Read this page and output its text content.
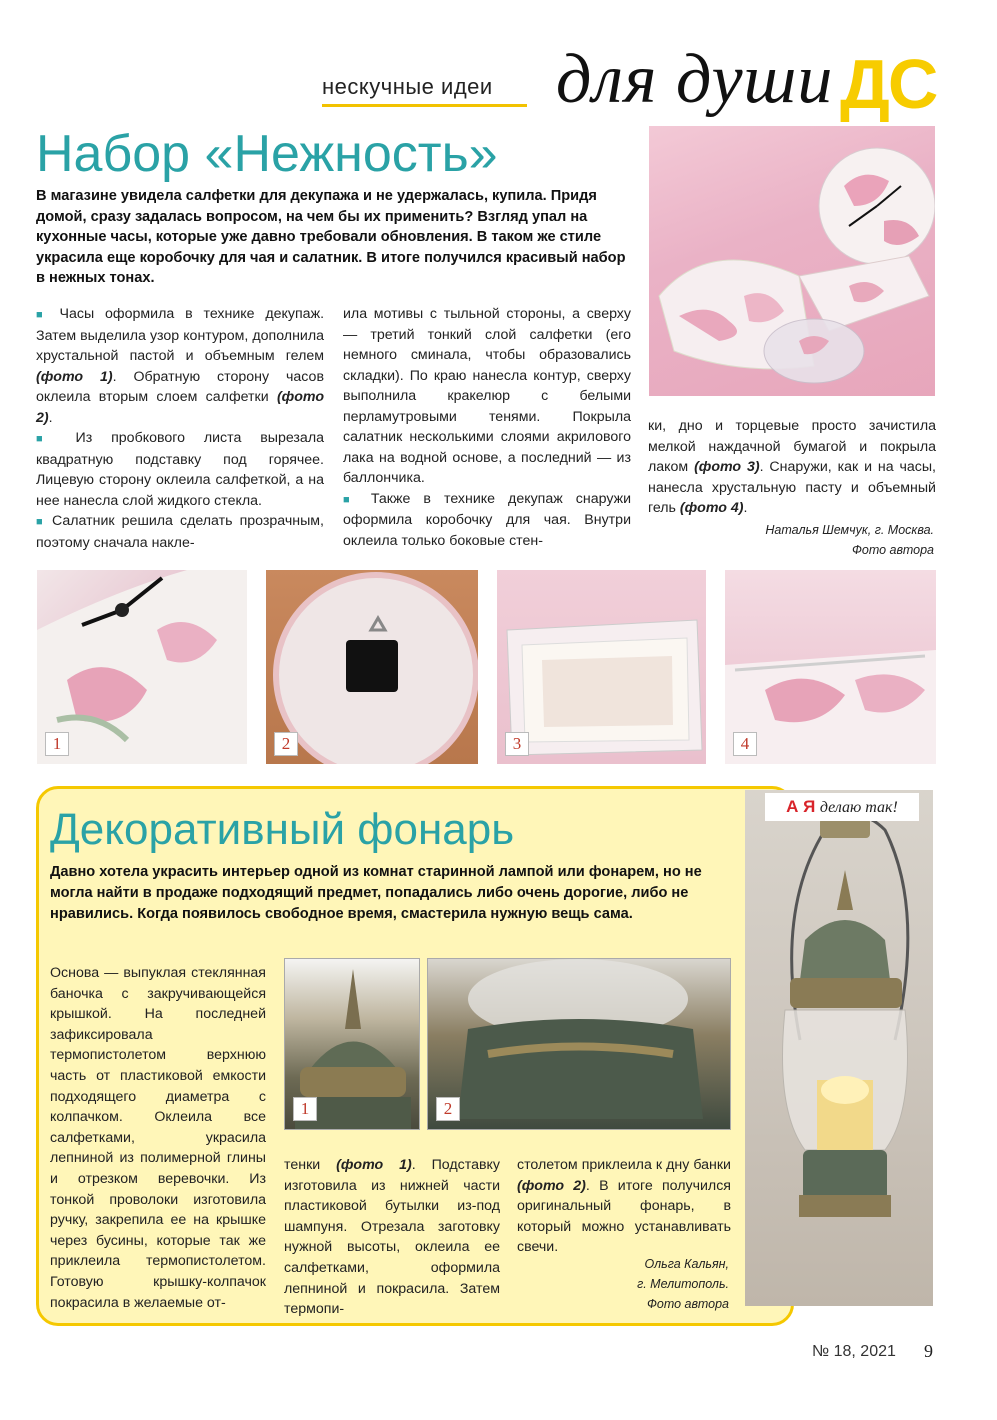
нескучные идеи для души ДС
Набор «Нежность»

В магазине увидела салфетки для декупажа и не удержалась, купила. Придя домой, сразу задалась вопросом, на чем бы их применить? Взгляд упал на кухонные часы, которые уже давно требовали обновления. В таком же стиле украсила еще коробочку для чая и салатник. В итоге получился красивый набор в нежных тонах.

■ Часы оформила в технике декупаж. Затем выделила узор контуром, дополнила хрустальной пастой и объемным гелем (фото 1). Обратную сторону часов оклеила вторым слоем салфетки (фото 2).
■ Из пробкового листа вырезала квадратную подставку под горячее. Лицевую сторону оклеила салфеткой, а на нее нанесла слой жидкого стекла.
■ Салатник решила сделать прозрачным, поэтому сначала накле-
ила мотивы с тыльной стороны, а сверху — третий тонкий слой салфетки (его немного сминала, чтобы образовались складки). По краю нанесла контур, сверху выполнила кракелюр с белыми перламутровыми тенями. Покрыла салатник несколькими слоями акрилового лака на водной основе, а последний — из баллончика.
■ Также в технике декупаж снаружи оформила коробочку для чая. Внутри оклеила только боковые стен-
ки, дно и торцевые просто зачистила мелкой наждачной бумагой и покрыла лаком (фото 3). Снаружи, как и на часы, нанесла хрустальную пасту и объемный гель (фото 4).
Наталья Шемчук, г. Москва.
Фото автора
1	2	3	4
А Я делаю так!
Декоративный фонарь

Давно хотела украсить интерьер одной из комнат старинной лампой или фонарем, но не могла найти в продаже подходящий предмет, попадались либо очень дорогие, либо не нравились. Когда появилось свободное время, смастерила нужную вещь сама.

Основа — выпуклая стеклянная баночка с закручивающейся крышкой. На последней зафиксировала термопистолетом верхнюю часть от пластиковой емкости подходящего диаметра с колпачком. Оклеила все салфетками, украсила лепниной из полимерной глины и отрезком веревочки. Из тонкой проволоки изготовила ручку, закрепила ее на крышке через бусины, которые так же приклеила термопистолетом. Готовую крышку-колпачок покрасила в желаемые от-
1	2
тенки (фото 1). Подставку изготовила из нижней части пластиковой бутылки из-под шампуня. Отрезала заготовку нужной высоты, оклеила ее салфетками, оформила лепниной и покрасила. Затем термопи-
столетом приклеила к дну банки (фото 2). В итоге получился оригинальный фонарь, в который можно устанавливать свечи.
Ольга Кальян,
г. Мелитополь.
Фото автора
№ 18, 2021 9
